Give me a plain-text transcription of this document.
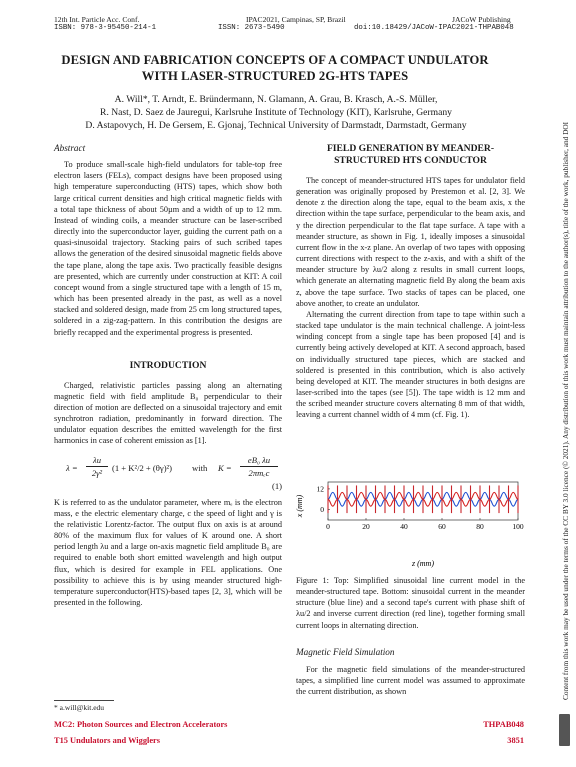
12th Int. Particle Acc. Conf.
ISBN: 978-3-95450-214-1
IPAC2021, Campinas, SP, Brazil
ISSN: 2673-5490
JACoW Publishing
doi:10.18429/JACoW-IPAC2021-THPAB048
DESIGN AND FABRICATION CONCEPTS OF A COMPACT UNDULATOR
WITH LASER-STRUCTURED 2G-HTS TAPES
A. Will*, T. Arndt, E. Bründermann, N. Glamann, A. Grau, B. Krasch, A.-S. Müller,
R. Nast, D. Saez de Jauregui, Karlsruhe Institute of Technology (KIT), Karlsruhe, Germany
D. Astapovych, H. De Gersem, E. Gjonaj, Technical University of Darmstadt, Darmstadt, Germany
Abstract

To produce small-scale high-field undulators for table-top free electron lasers (FELs), compact designs have been proposed using high temperature superconducting (HTS) tapes, which show both large critical current densities and high critical magnetic fields with a total tape thickness of about 50µm and a width of up to 12 mm. Instead of winding coils, a meander structure can be laser-scribed directly into the superconductor layer, guiding the current path on a quasi-sinusoidal trajectory. Stacking pairs of such scribed tapes allows the generation of the desired sinusoidal magnetic fields above the tape plane, along the tape axis. Two practically feasible designs are presented, which are currently under construction at KIT: A coil concept wound from a single structured tape with a length of 15 m, which has been presented already in the past, as well as a novel stacked and soldered design, made from 25 cm long structured tapes, soldered in a zig-zag-pattern. In this contribution the designs are briefly recapped and the experimental progress is presented.

INTRODUCTION

Charged, relativistic particles passing along an alternating magnetic field with field amplitude B₀ perpendicular to their direction of motion are deflected on a sinusoidal trajectory and emit synchrotron radiation, predominantly in forward direction. The undulator equation describes the emitted wavelength for the first harmonics in case of coherent emission as [1].

λ =
λu
2γ²	(1 + K²/2 + (θγ)²) with K =
eB₀ λu
2πmₑc
(1)

K is referred to as the undulator parameter, where mₑ is the electron mass, e the electric elementary charge, c the speed of light and γ is the relativistic Lorentz-factor. The output flux on axis is at around 80% of the maximum flux for values of K around one. A short period length λu and a large on-axis magnetic field amplitude B₀ are required to enable both short emitted wavelength and high output flux, which is desired for example in FEL applications. One possibility to achieve this is by using meander structured high-temperature superconductor(HTS)-based tapes [2, 3], which will be presented in the following.

* a.will@kit.edu
FIELD GENERATION BY MEANDER-STRUCTURED HTS CONDUCTOR

The concept of meander-structured HTS tapes for undulator field generation was originally proposed by Prestemon et al. [2, 3]. We denote z the direction along the tape, equal to the beam axis, x the direction within the tape surface, perpendicular to the beam axis, and y the direction perpendicular to the flat tape surface. A tape with a meander structure, as shown in Fig. 1, ideally imposes a sinusoidal current flow in the x-z plane. An overlap of two tapes with opposing current directions with respect to the z-axis, and with a shift of the meander structure by λu/2 along z results in small current loops, which generate an alternating magnetic field By along the beam axis z, above the tape surface. Two stacks of tapes can be placed, one above another, to create an undulator.

Alternating the current direction from tape to tape within such a stacked tape undulator is the main technical challenge. A joint-less winding concept from a single tape has been proposed [4] and is currently being actively developed at KIT. A second approach, based on individually structured tape pieces, which are stacked and soldered is presented in this contribution, which is also actively being developed at KIT. The meander structures in both designs are laser-scribed into the tapes (see [5]). The tape width is 12 mm and the scribed meander structure covers alternating 8 mm of that width, leaving a current channel width of 4 mm (cf. Fig. 1).

0	20	40	60	80	100
12
0
x (mm)
z (mm)

Figure 1: Top: Simplified sinusoidal line current model in the meander-structured tape. Bottom: sinusoidal current in the meander structure (blue line) and a second tape's current with phase shift of λu/2 and inverse current direction (red line), together forming small current loops in alternating direction.

Magnetic Field Simulation

For the magnetic field simulations of the meander-structured tapes, a simplified line current model was assumed to approximate the current distribution, as shown

MC2: Photon Sources and Electron Accelerators
T15 Undulators and Wigglers
THPAB048
3851
Content from this work may be used under the terms of the CC BY 3.0 licence (© 2021). Any distribution of this work must maintain attribution to the author(s), title of the work, publisher, and DOI
